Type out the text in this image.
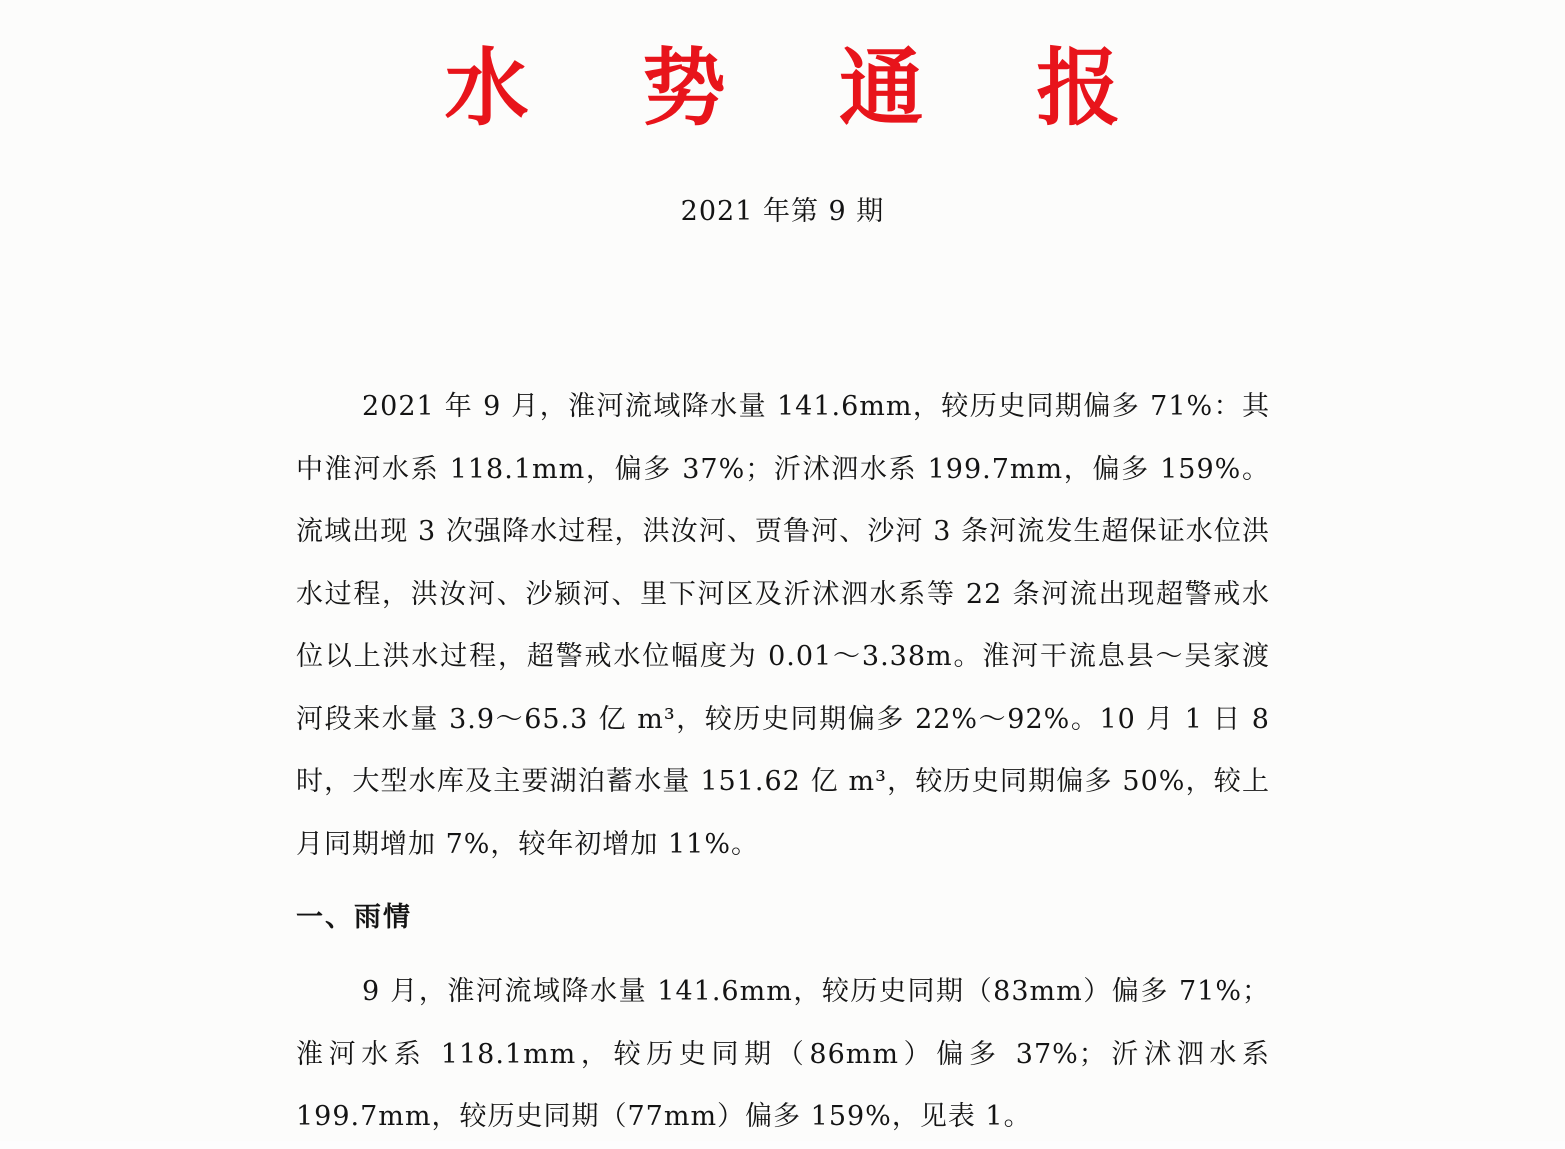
水 势 通 报
2021 年第 9 期
2021 年 9 月，淮河流域降水量 141.6mm，较历史同期偏多 71%：其中淮河水系 118.1mm，偏多 37%；沂沭泗水系 199.7mm，偏多 159%。流域出现 3 次强降水过程，洪汝河、贾鲁河、沙河 3 条河流发生超保证水位洪水过程，洪汝河、沙颍河、里下河区及沂沭泗水系等 22 条河流出现超警戒水位以上洪水过程，超警戒水位幅度为 0.01～3.38m。淮河干流息县～吴家渡河段来水量 3.9～65.3 亿 m³，较历史同期偏多 22%～92%。10 月 1 日 8 时，大型水库及主要湖泊蓄水量 151.62 亿 m³，较历史同期偏多 50%，较上月同期增加 7%，较年初增加 11%。
一、雨情
9 月，淮河流域降水量 141.6mm，较历史同期（83mm）偏多 71%；淮河水系 118.1mm，较历史同期（86mm）偏多 37%；沂沭泗水系 199.7mm，较历史同期（77mm）偏多 159%，见表 1。
